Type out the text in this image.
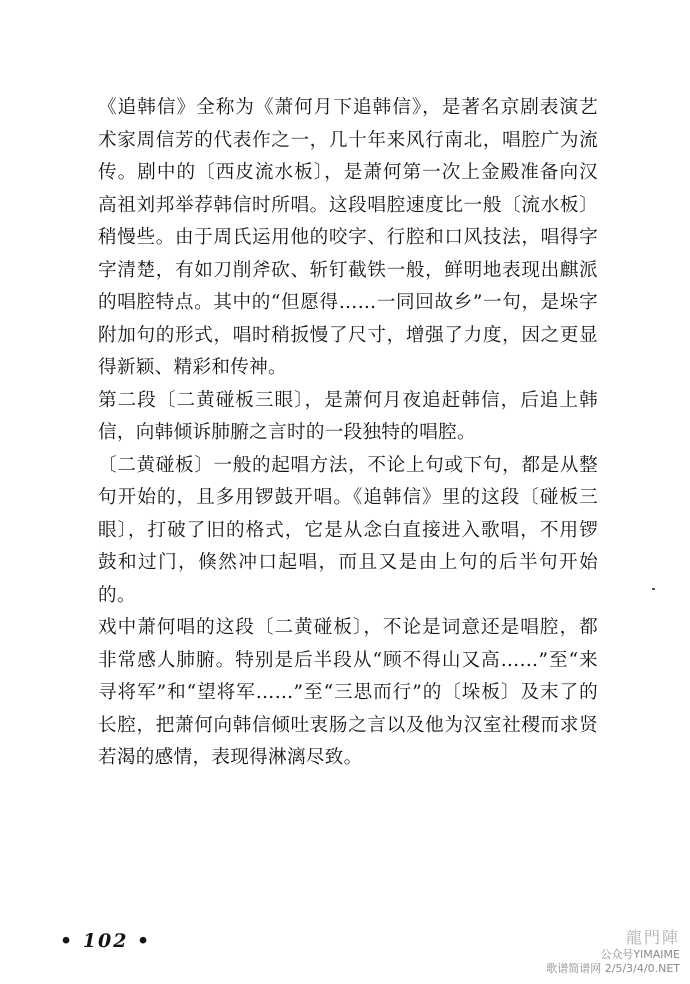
《追韩信》全称为《萧何月下追韩信》，是著名京剧表演艺术家周信芳的代表作之一，几十年来风行南北，唱腔广为流传。剧中的〔西皮流水板〕，是萧何第一次上金殿准备向汉高祖刘邦举荐韩信时所唱。这段唱腔速度比一般〔流水板〕稍慢些。由于周氏运用他的咬字、行腔和口风技法，唱得字字清楚，有如刀削斧砍、斩钉截铁一般，鲜明地表现出麒派的唱腔特点。其中的“但愿得……一同回故乡”一句，是垛字附加句的形式，唱时稍扳慢了尺寸，增强了力度，因之更显得新颖、精彩和传神。

第二段〔二黄碰板三眼〕，是萧何月夜追赶韩信，后追上韩信，向韩倾诉肺腑之言时的一段独特的唱腔。

〔二黄碰板〕一般的起唱方法，不论上句或下句，都是从整句开始的，且多用锣鼓开唱。《追韩信》里的这段〔碰板三眼〕，打破了旧的格式，它是从念白直接进入歌唱，不用锣鼓和过门，倏然冲口起唱，而且又是由上句的后半句开始的。

戏中萧何唱的这段〔二黄碰板〕，不论是词意还是唱腔，都非常感人肺腑。特别是后半段从“顾不得山又高……”至“来寻将军”和“望将军……”至“三思而行”的〔垛板〕及末了的长腔，把萧何向韩信倾吐衷肠之言以及他为汉室社稷而求贤若渴的感情，表现得淋漓尽致。

• 102 •	龍門陣
公众号YIMAIME
歌谱简谱网 2/5/3/4/0.NET
